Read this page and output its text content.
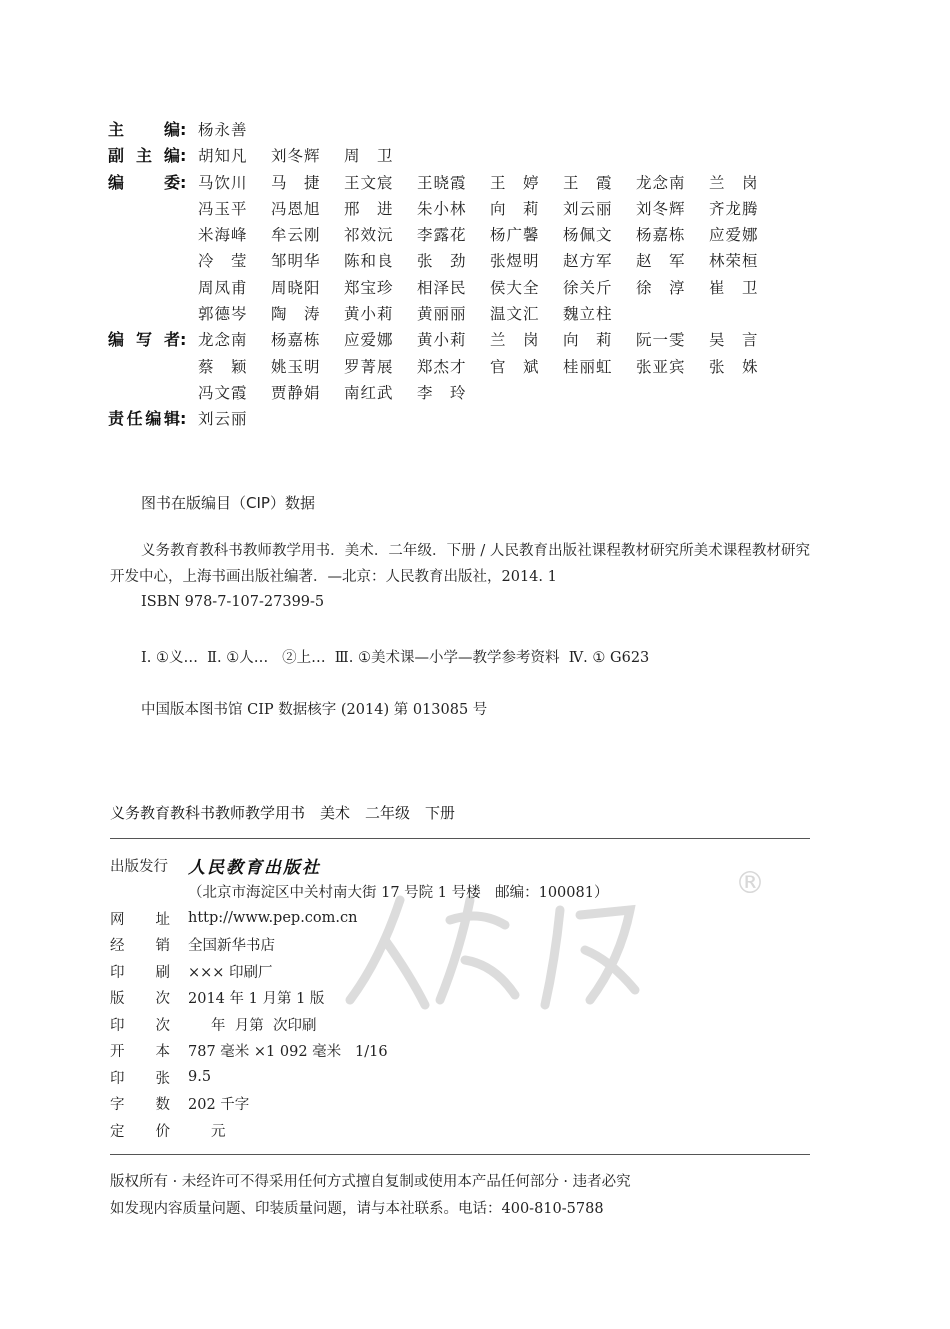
主 编 : 杨永善
副 主 编 : 胡知凡	刘冬辉	周　卫
编 委 : 马饮川	马　捷	王文宸	王晓霞	王　婷	王　霞	龙念南	兰　岗
冯玉平	冯恩旭	邢　进	朱小林	向　莉	刘云丽	刘冬辉	齐龙腾
米海峰	牟云刚	祁效沅	李露花	杨广馨	杨佩文	杨嘉栋	应爱娜
冷　莹	邹明华	陈和良	张　劲	张煜明	赵方军	赵　军	林荣桓
周凤甫	周晓阳	郑宝珍	相泽民	侯大全	徐关斤	徐　淳	崔　卫
郭德岑	陶　涛	黄小莉	黄丽丽	温文汇	魏立柱
编 写 者 : 龙念南	杨嘉栋	应爱娜	黄小莉	兰　岗	向　莉	阮一雯	吴　言
蔡　颖	姚玉明	罗菁展	郑杰才	官　斌	桂丽虹	张亚宾	张　姝
冯文霞	贾静娟	南红武	李　玲
责 任 编 辑 : 刘云丽
图书在版编目（CIP）数据
义务教育教科书教师教学用书．美术．二年级．下册 / 人民教育出版社课程教材研究所美术课程教材研究开发中心，上海书画出版社编著．—北京：人民教育出版社，2014. 1
ISBN 978-7-107-27399-5
Ⅰ. ①义…  Ⅱ. ①人…   ②上…  Ⅲ. ①美术课—小学—教学参考资料  Ⅳ. ① G623
中国版本图书馆 CIP 数据核字 (2014) 第 013085 号
义务教育教科书教师教学用书　美术　二年级　下册
®
出版发行	人民教育出版社
（北京市海淀区中关村南大街 17 号院 1 号楼　邮编：100081）
网 址 http://www.pep.com.cn
经 销 全国新华书店
印 刷 ××× 印刷厂
版 次 2014 年 1 月第 1 版
印 次 年  月第  次印刷
开 本 787 毫米 ×1 092 毫米   1/16
印 张 9.5
字 数 202 千字
定 价 元
版权所有 · 未经许可不得采用任何方式擅自复制或使用本产品任何部分 · 违者必究
如发现内容质量问题、印装质量问题，请与本社联系。电话：400-810-5788
